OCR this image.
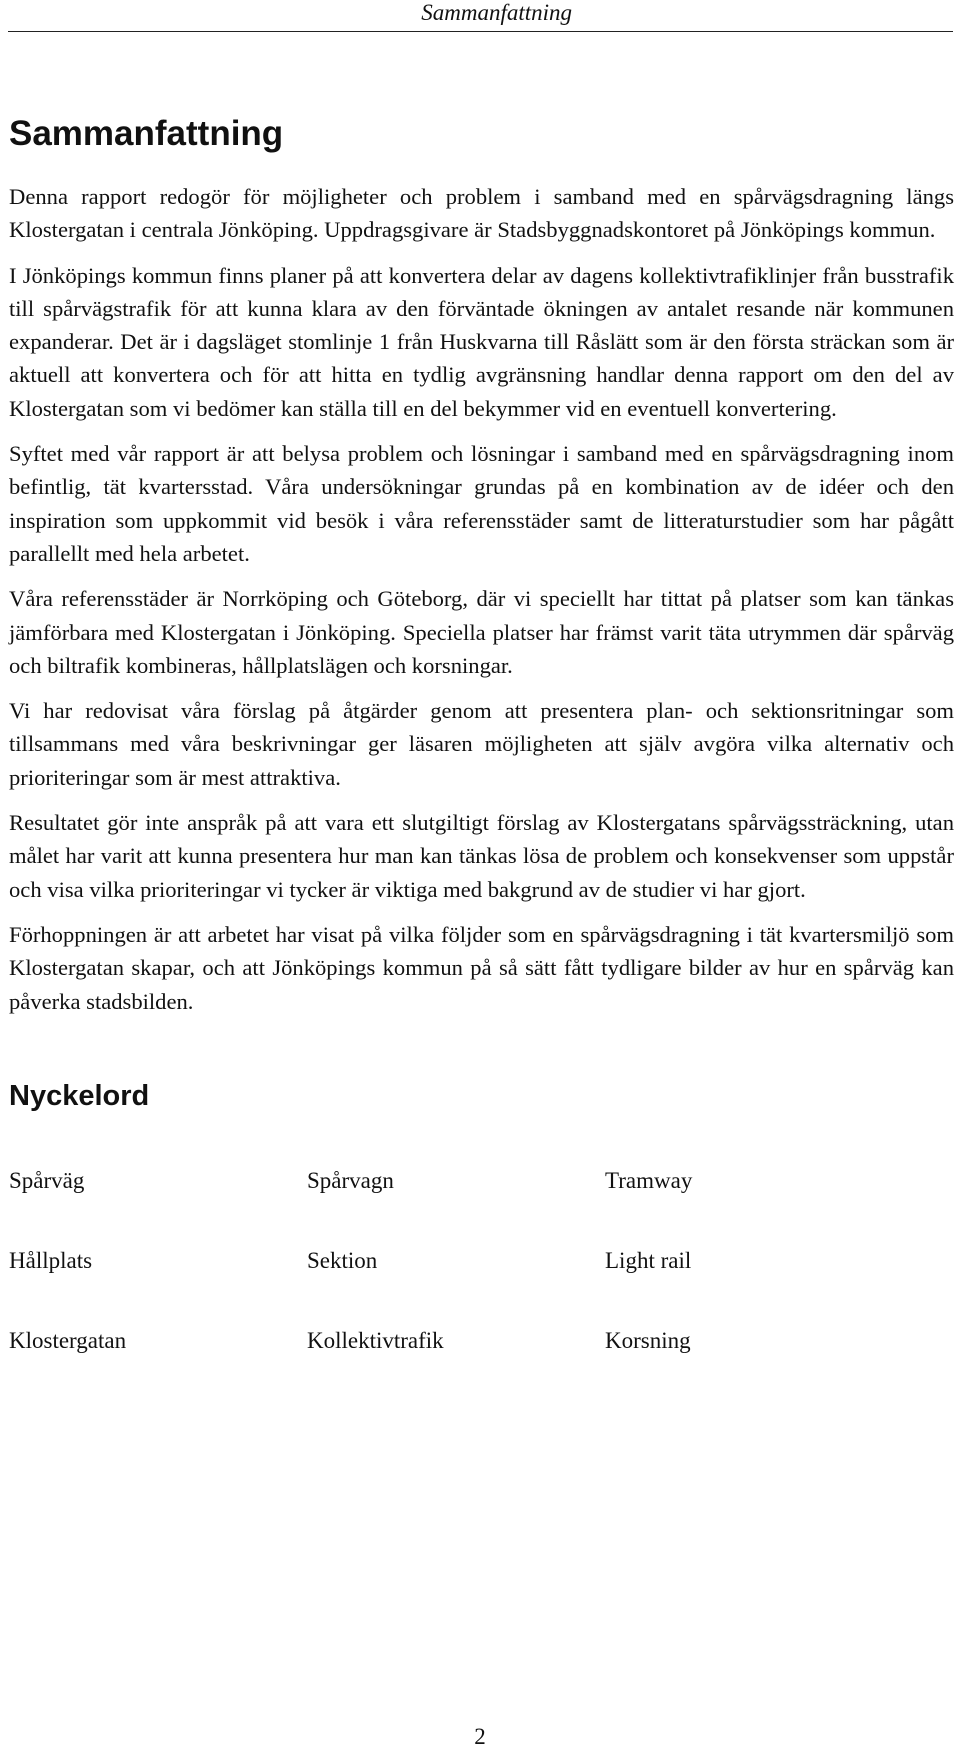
Sammanfattning
Sammanfattning

Denna rapport redogör för möjligheter och problem i samband med en spårvägsdragning längs Klostergatan i centrala Jönköping. Uppdragsgivare är Stadsbyggnadskontoret på Jönköpings kommun.

I Jönköpings kommun finns planer på att konvertera delar av dagens kollektivtrafiklinjer från busstrafik till spårvägstrafik för att kunna klara av den förväntade ökningen av antalet resande när kommunen expanderar. Det är i dagsläget stomlinje 1 från Huskvarna till Råslätt som är den första sträckan som är aktuell att konvertera och för att hitta en tydlig avgränsning handlar denna rapport om den del av Klostergatan som vi bedömer kan ställa till en del bekymmer vid en eventuell konvertering.

Syftet med vår rapport är att belysa problem och lösningar i samband med en spårvägsdragning inom befintlig, tät kvartersstad. Våra undersökningar grundas på en kombination av de idéer och den inspiration som uppkommit vid besök i våra referensstäder samt de litteraturstudier som har pågått parallellt med hela arbetet.

Våra referensstäder är Norrköping och Göteborg, där vi speciellt har tittat på platser som kan tänkas jämförbara med Klostergatan i Jönköping. Speciella platser har främst varit täta utrymmen där spårväg och biltrafik kombineras, hållplatslägen och korsningar.

Vi har redovisat våra förslag på åtgärder genom att presentera plan- och sektionsritningar som tillsammans med våra beskrivningar ger läsaren möjligheten att själv avgöra vilka alternativ och prioriteringar som är mest attraktiva.

Resultatet gör inte anspråk på att vara ett slutgiltigt förslag av Klostergatans spårvägssträckning, utan målet har varit att kunna presentera hur man kan tänkas lösa de problem och konsekvenser som uppstår och visa vilka prioriteringar vi tycker är viktiga med bakgrund av de studier vi har gjort.

Förhoppningen är att arbetet har visat på vilka följder som en spårvägsdragning i tät kvartersmiljö som Klostergatan skapar, och att Jönköpings kommun på så sätt fått tydligare bilder av hur en spårväg kan påverka stadsbilden.

Nyckelord
Spårväg	Spårvagn	Tramway
Hållplats	Sektion	Light rail
Klostergatan	Kollektivtrafik	Korsning
2
